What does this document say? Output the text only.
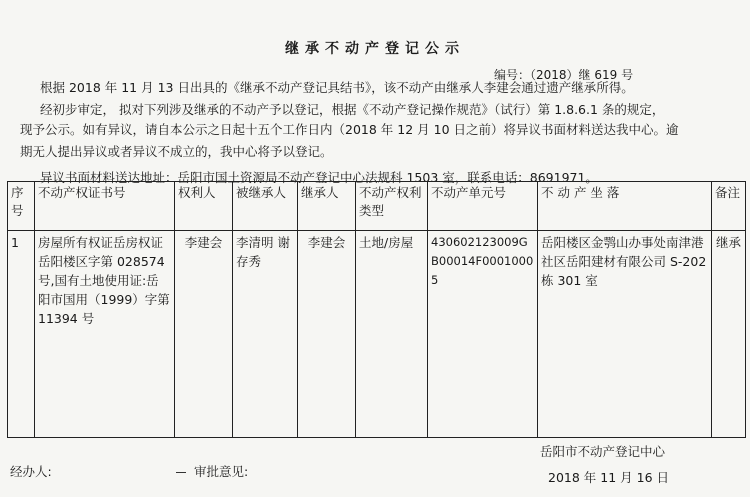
继承不动产登记公示
编号：（2018）继 619 号
根据 2018 年 11 月 13 日出具的《继承不动产登记具结书》，该不动产由继承人李建会通过遗产继承所得。
经初步审定， 拟对下列涉及继承的不动产予以登记，根据《不动产登记操作规范》（试行）第 1.8.6.1 条的规定，
现予公示。如有异议，请自本公示之日起十五个工作日内（2018 年 12 月 10 日之前）将异议书面材料送达我中心。逾
期无人提出异议或者异议不成立的，我中心将予以登记。
异议书面材料送达地址：岳阳市国土资源局不动产登记中心法规科 1503 室，联系电话：8691971。
序号	不动产权证书号	权利人	被继承人	继承人	不动产权利类型	不动产单元号	不 动 产 坐 落	备注
1	房屋所有权证岳房权证岳阳楼区字第 028574 号,国有土地使用证:岳阳市国用（1999）字第 11394 号	李建会	李清明 谢存秀	李建会	土地/房屋	430602123009GB00014F00010005	岳阳楼区金鹗山办事处南津港社区岳阳建材有限公司 S-202 栋 301 室	继承
岳阳市不动产登记中心
2018 年 11 月 16 日
经办人:	审批意见:
